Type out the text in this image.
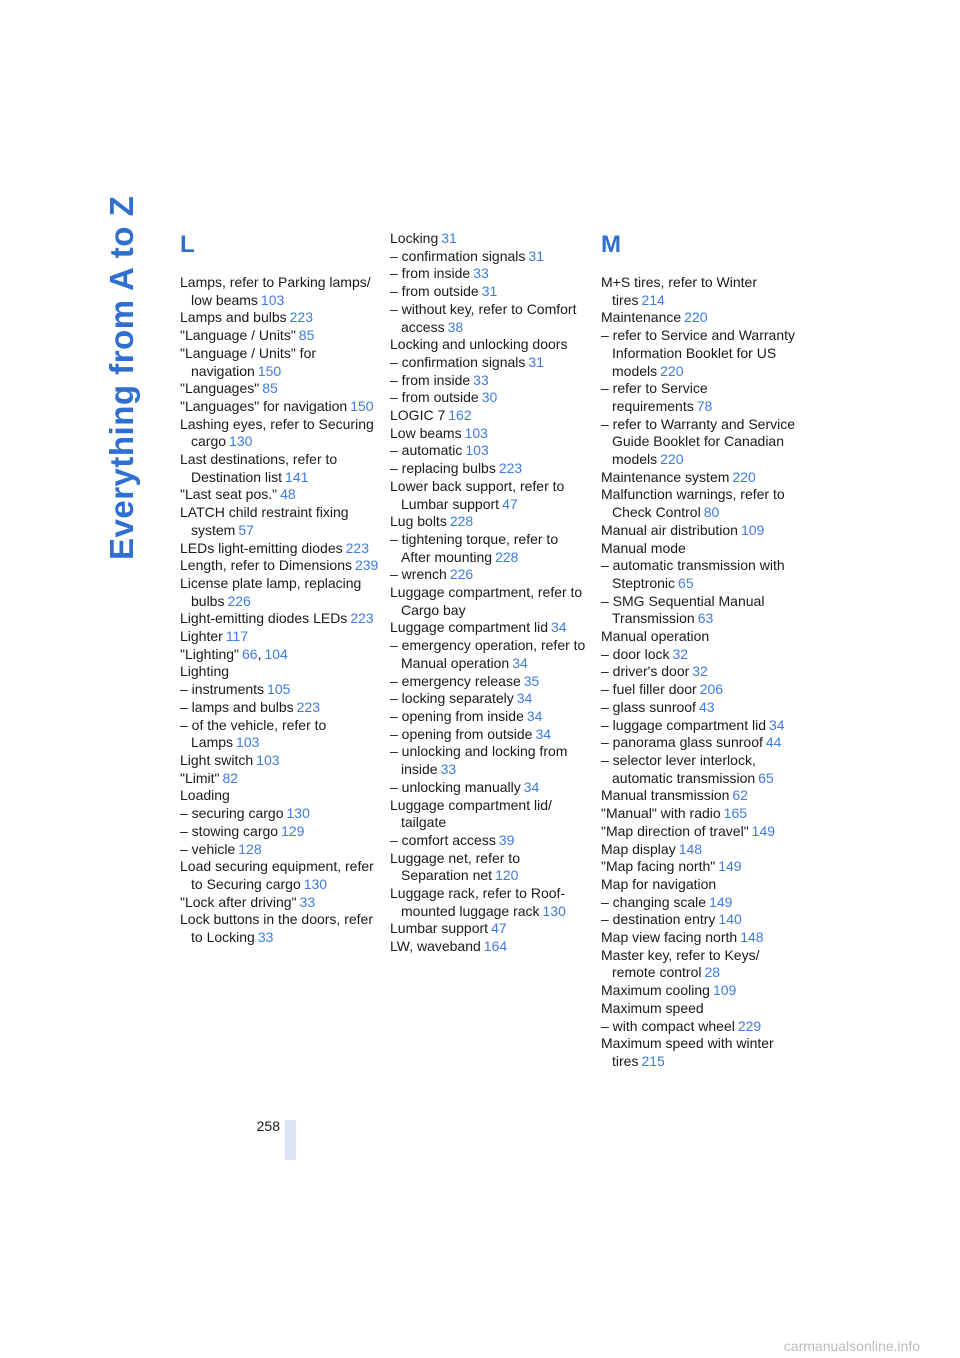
Everything from A to Z L
Lamps, refer to Parking lamps/ low beams 103
Lamps and bulbs 223
"Language / Units" 85
"Language / Units" for navigation 150
"Languages" 85
"Languages" for navigation 150
Lashing eyes, refer to Securing cargo 130
Last destinations, refer to Destination list 141
"Last seat pos." 48
LATCH child restraint fixing system 57
LEDs light-emitting diodes 223
Length, refer to Dimensions 239
License plate lamp, replacing bulbs 226
Light-emitting diodes LEDs 223
Lighter 117
"Lighting" 66, 104
Lighting
– instruments 105
– lamps and bulbs 223
– of the vehicle, refer to Lamps 103
Light switch 103
"Limit" 82
Loading
– securing cargo 130
– stowing cargo 129
– vehicle 128
Load securing equipment, refer to Securing cargo 130
"Lock after driving" 33
Lock buttons in the doors, refer to Locking 33
Locking 31
– confirmation signals 31
– from inside 33
– from outside 31
– without key, refer to Comfort access 38
Locking and unlocking doors
– confirmation signals 31
– from inside 33
– from outside 30
LOGIC 7 162
Low beams 103
– automatic 103
– replacing bulbs 223
Lower back support, refer to Lumbar support 47
Lug bolts 228
– tightening torque, refer to After mounting 228
– wrench 226
Luggage compartment, refer to Cargo bay
Luggage compartment lid 34
– emergency operation, refer to Manual operation 34
– emergency release 35
– locking separately 34
– opening from inside 34
– opening from outside 34
– unlocking and locking from inside 33
– unlocking manually 34
Luggage compartment lid/ tailgate
– comfort access 39
Luggage net, refer to Separation net 120
Luggage rack, refer to Roof-mounted luggage rack 130
Lumbar support 47
LW, waveband 164
M
M+S tires, refer to Winter tires 214
Maintenance 220
– refer to Service and Warranty Information Booklet for US models 220
– refer to Service requirements 78
– refer to Warranty and Service Guide Booklet for Canadian models 220
Maintenance system 220
Malfunction warnings, refer to Check Control 80
Manual air distribution 109
Manual mode
– automatic transmission with Steptronic 65
– SMG Sequential Manual Transmission 63
Manual operation
– door lock 32
– driver's door 32
– fuel filler door 206
– glass sunroof 43
– luggage compartment lid 34
– panorama glass sunroof 44
– selector lever interlock, automatic transmission 65
Manual transmission 62
"Manual" with radio 165
"Map direction of travel" 149
Map display 148
"Map facing north" 149
Map for navigation
– changing scale 149
– destination entry 140
Map view facing north 148
Master key, refer to Keys/ remote control 28
Maximum cooling 109
Maximum speed
– with compact wheel 229
Maximum speed with winter tires 215
258
carmanualsonline.info
